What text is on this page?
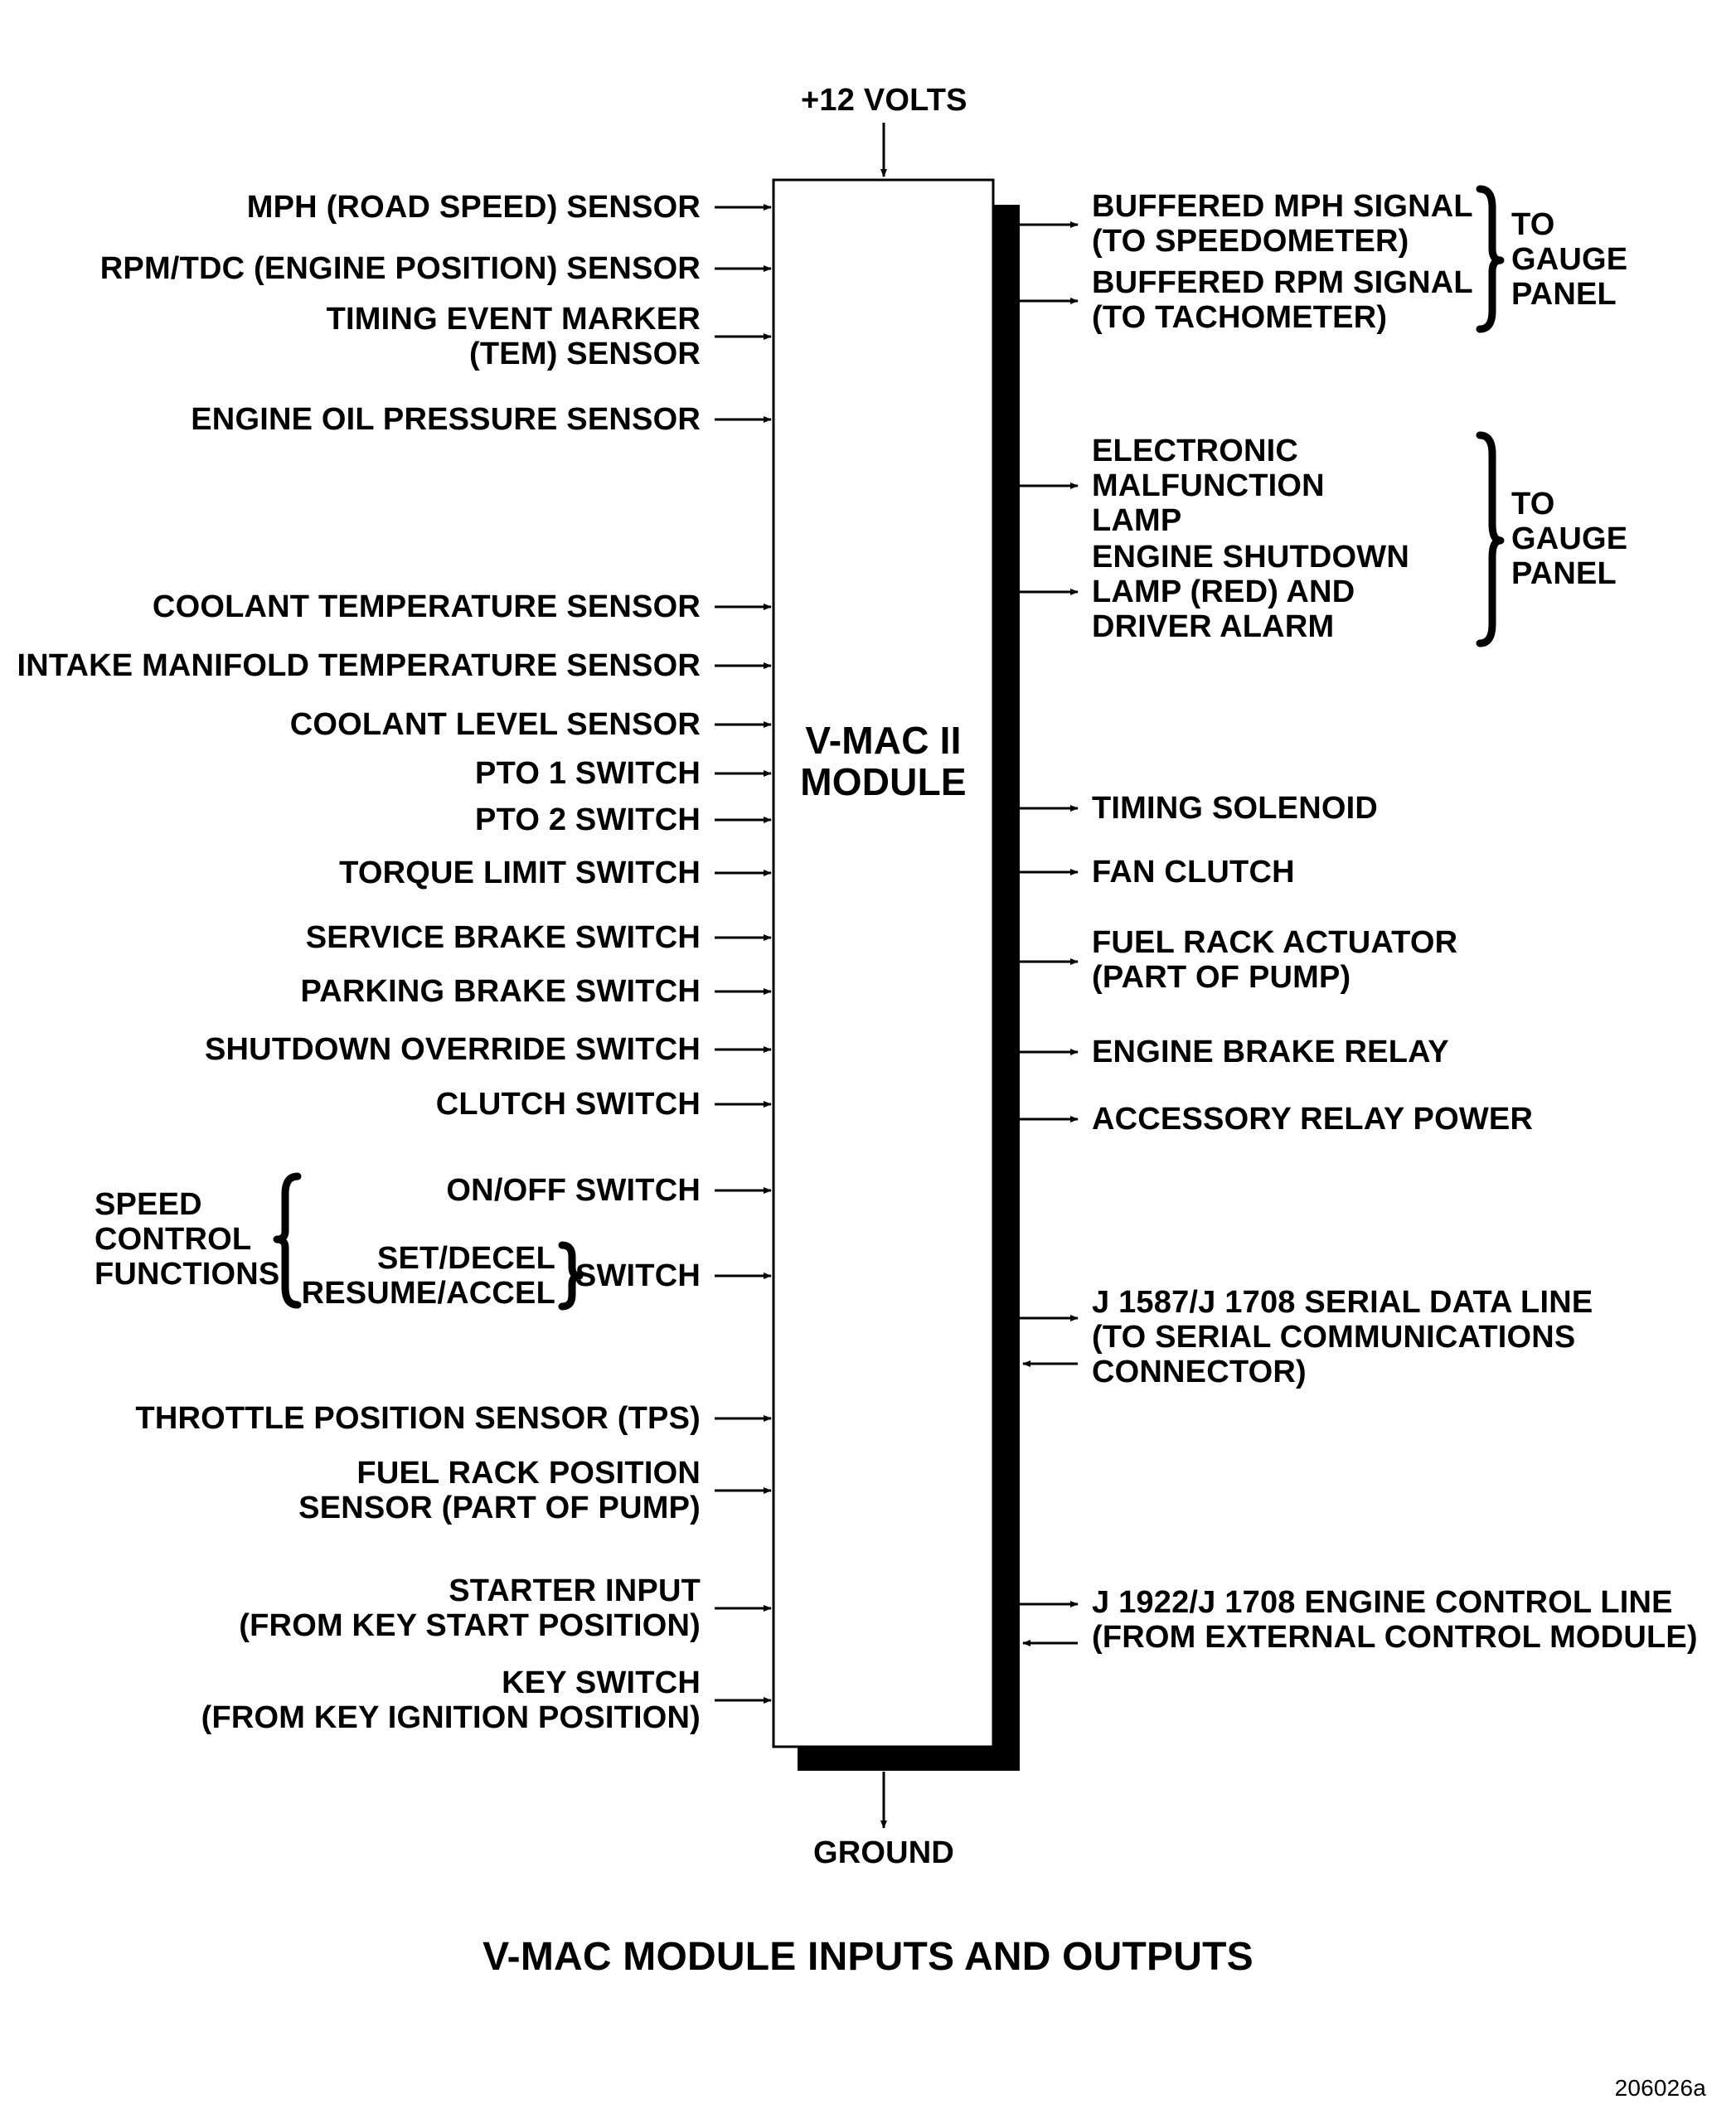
+12 VOLTS
V-MAC II
MODULE
GROUND
MPH (ROAD SPEED) SENSOR
RPM/TDC (ENGINE POSITION) SENSOR
TIMING EVENT MARKER
(TEM) SENSOR
ENGINE OIL PRESSURE SENSOR
COOLANT TEMPERATURE SENSOR
INTAKE MANIFOLD TEMPERATURE SENSOR
COOLANT LEVEL SENSOR
PTO 1 SWITCH
PTO 2 SWITCH
TORQUE LIMIT SWITCH
SERVICE BRAKE SWITCH
PARKING BRAKE SWITCH
SHUTDOWN OVERRIDE SWITCH
CLUTCH SWITCH
ON/OFF SWITCH
SWITCH
SPEED
CONTROL
FUNCTIONS	SET/DECEL
RESUME/ACCEL
THROTTLE POSITION SENSOR (TPS)
FUEL RACK POSITION
SENSOR (PART OF PUMP)
STARTER INPUT
(FROM KEY START POSITION)
KEY SWITCH
(FROM KEY IGNITION POSITION)
BUFFERED MPH SIGNAL
(TO SPEEDOMETER)
BUFFERED RPM SIGNAL
(TO TACHOMETER)
ELECTRONIC
MALFUNCTION
LAMP
ENGINE SHUTDOWN
LAMP (RED) AND
DRIVER ALARM
TIMING SOLENOID
FAN CLUTCH
FUEL RACK ACTUATOR
(PART OF PUMP)
ENGINE BRAKE RELAY
ACCESSORY RELAY POWER
J 1587/J 1708 SERIAL DATA LINE
(TO SERIAL COMMUNICATIONS
CONNECTOR)
J 1922/J 1708 ENGINE CONTROL LINE
(FROM EXTERNAL CONTROL MODULE)
TO
GAUGE
PANEL
TO
GAUGE
PANEL
V-MAC MODULE INPUTS AND OUTPUTS
206026a
